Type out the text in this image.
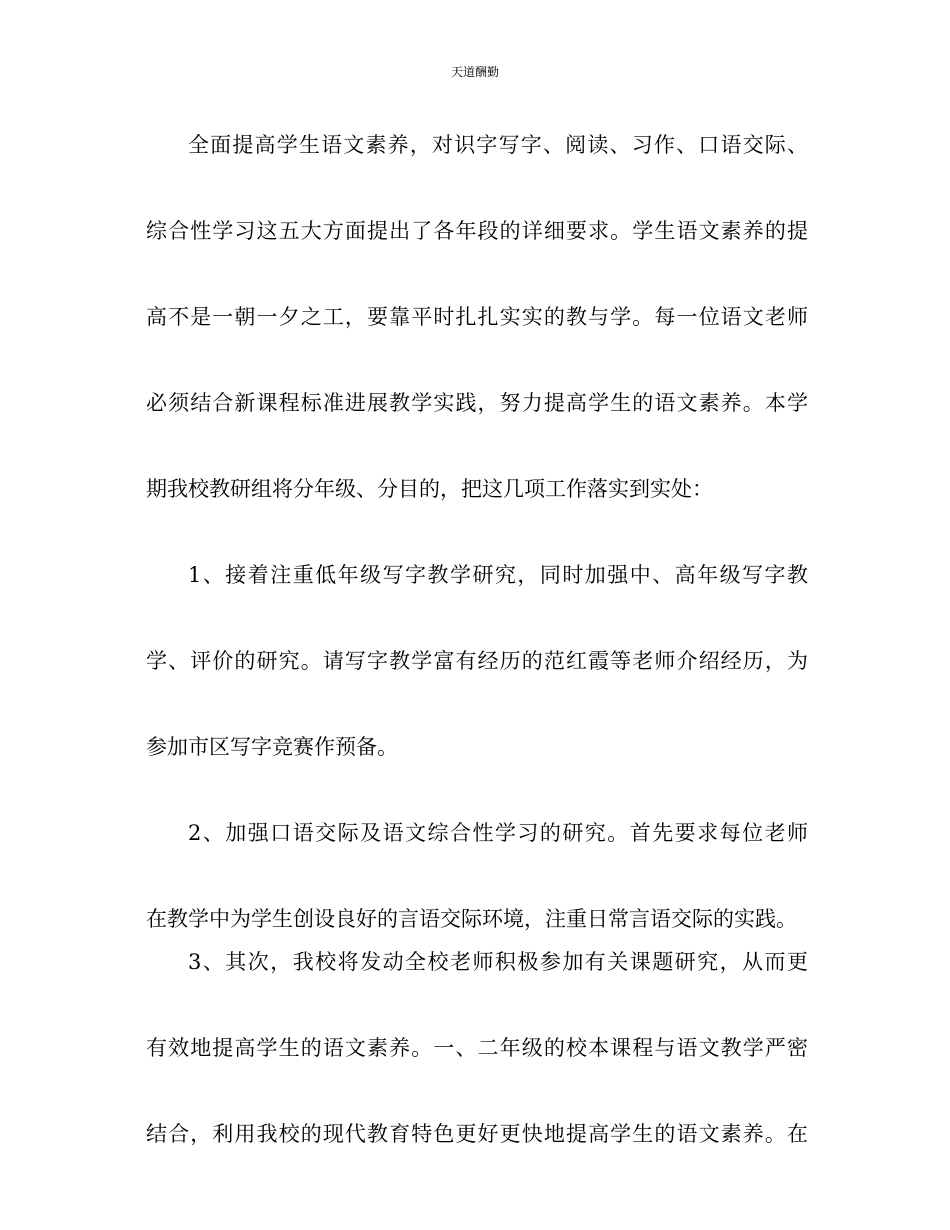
天道酬勤
全面提高学生语文素养，对识字写字、阅读、习作、口语交际、
综合性学习这五大方面提出了各年段的详细要求。学生语文素养的提
高不是一朝一夕之工，要靠平时扎扎实实的教与学。每一位语文老师
必须结合新课程标准进展教学实践，努力提高学生的语文素养。本学
期我校教研组将分年级、分目的，把这几项工作落实到实处：
1、接着注重低年级写字教学研究，同时加强中、高年级写字教
学、评价的研究。请写字教学富有经历的范红霞等老师介绍经历，为
参加市区写字竞赛作预备。
2、加强口语交际及语文综合性学习的研究。首先要求每位老师
在教学中为学生创设良好的言语交际环境，注重日常言语交际的实践。
3、其次，我校将发动全校老师积极参加有关课题研究，从而更
有效地提高学生的语文素养。一、二年级的校本课程与语文教学严密
结合，利用我校的现代教育特色更好更快地提高学生的语文素养。在
